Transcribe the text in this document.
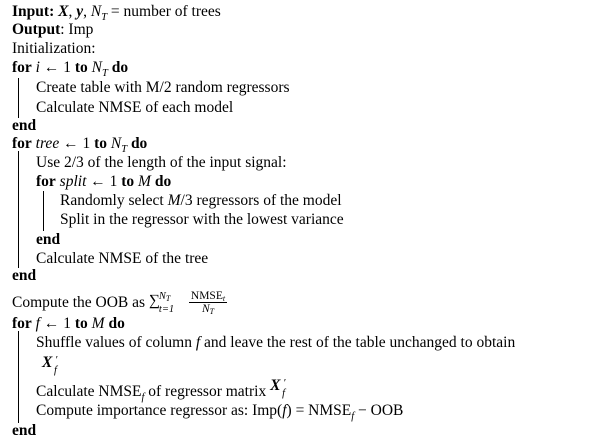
Input: X, y, $N_T$ = number of trees
Output: Imp
Initialization:
for i ← 1 to $N_T$ do
Create table with M/2 random regressors
Calculate NMSE of each model
end
for tree ← 1 to $N_T$ do
Use 2/3 of the length of the input signal:
for split ← 1 to M do
Randomly select M/3 regressors of the model
Split in the regressor with the lowest variance
end
Calculate NMSE of the tree
end
Compute the OOB as ∑
$N_T$
$t=1 \frac{NMSE_t}{N_T}$
for f ← 1 to M do
Shuffle values of column f and leave the rest of the table unchanged to obtain
X ′
f
Calculate $NMSE_f$ of regressor matrix X ′
f
Compute importance regressor as: $Imp(f) = NMSE_f$ − OOB
end
